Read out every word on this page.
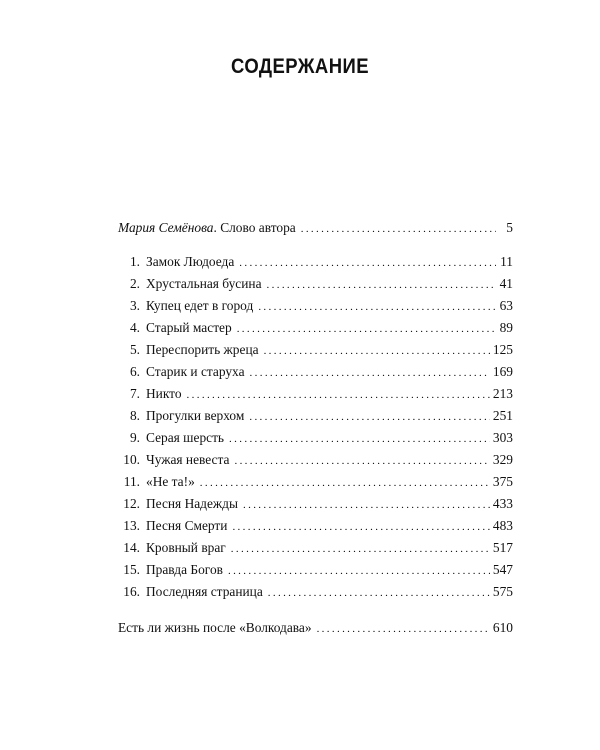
СОДЕРЖАНИЕ
Мария Семёнова. Слово автора . . .	5
1. Замок Людоеда . . .	11
2. Хрустальная бусина . . .	41
3. Купец едет в город . . .	63
4. Старый мастер . . .	89
5. Переспорить жреца . . .	125
6. Старик и старуха . . .	169
7. Никто . . .	213
8. Прогулки верхом . . .	251
9. Серая шерсть . . .	303
10. Чужая невеста . . .	329
11. «Не та!» . . .	375
12. Песня Надежды . . .	433
13. Песня Смерти . . .	483
14. Кровный враг . . .	517
15. Правда Богов . . .	547
16. Последняя страница . . .	575
Есть ли жизнь после «Волкодава» . . .	610
